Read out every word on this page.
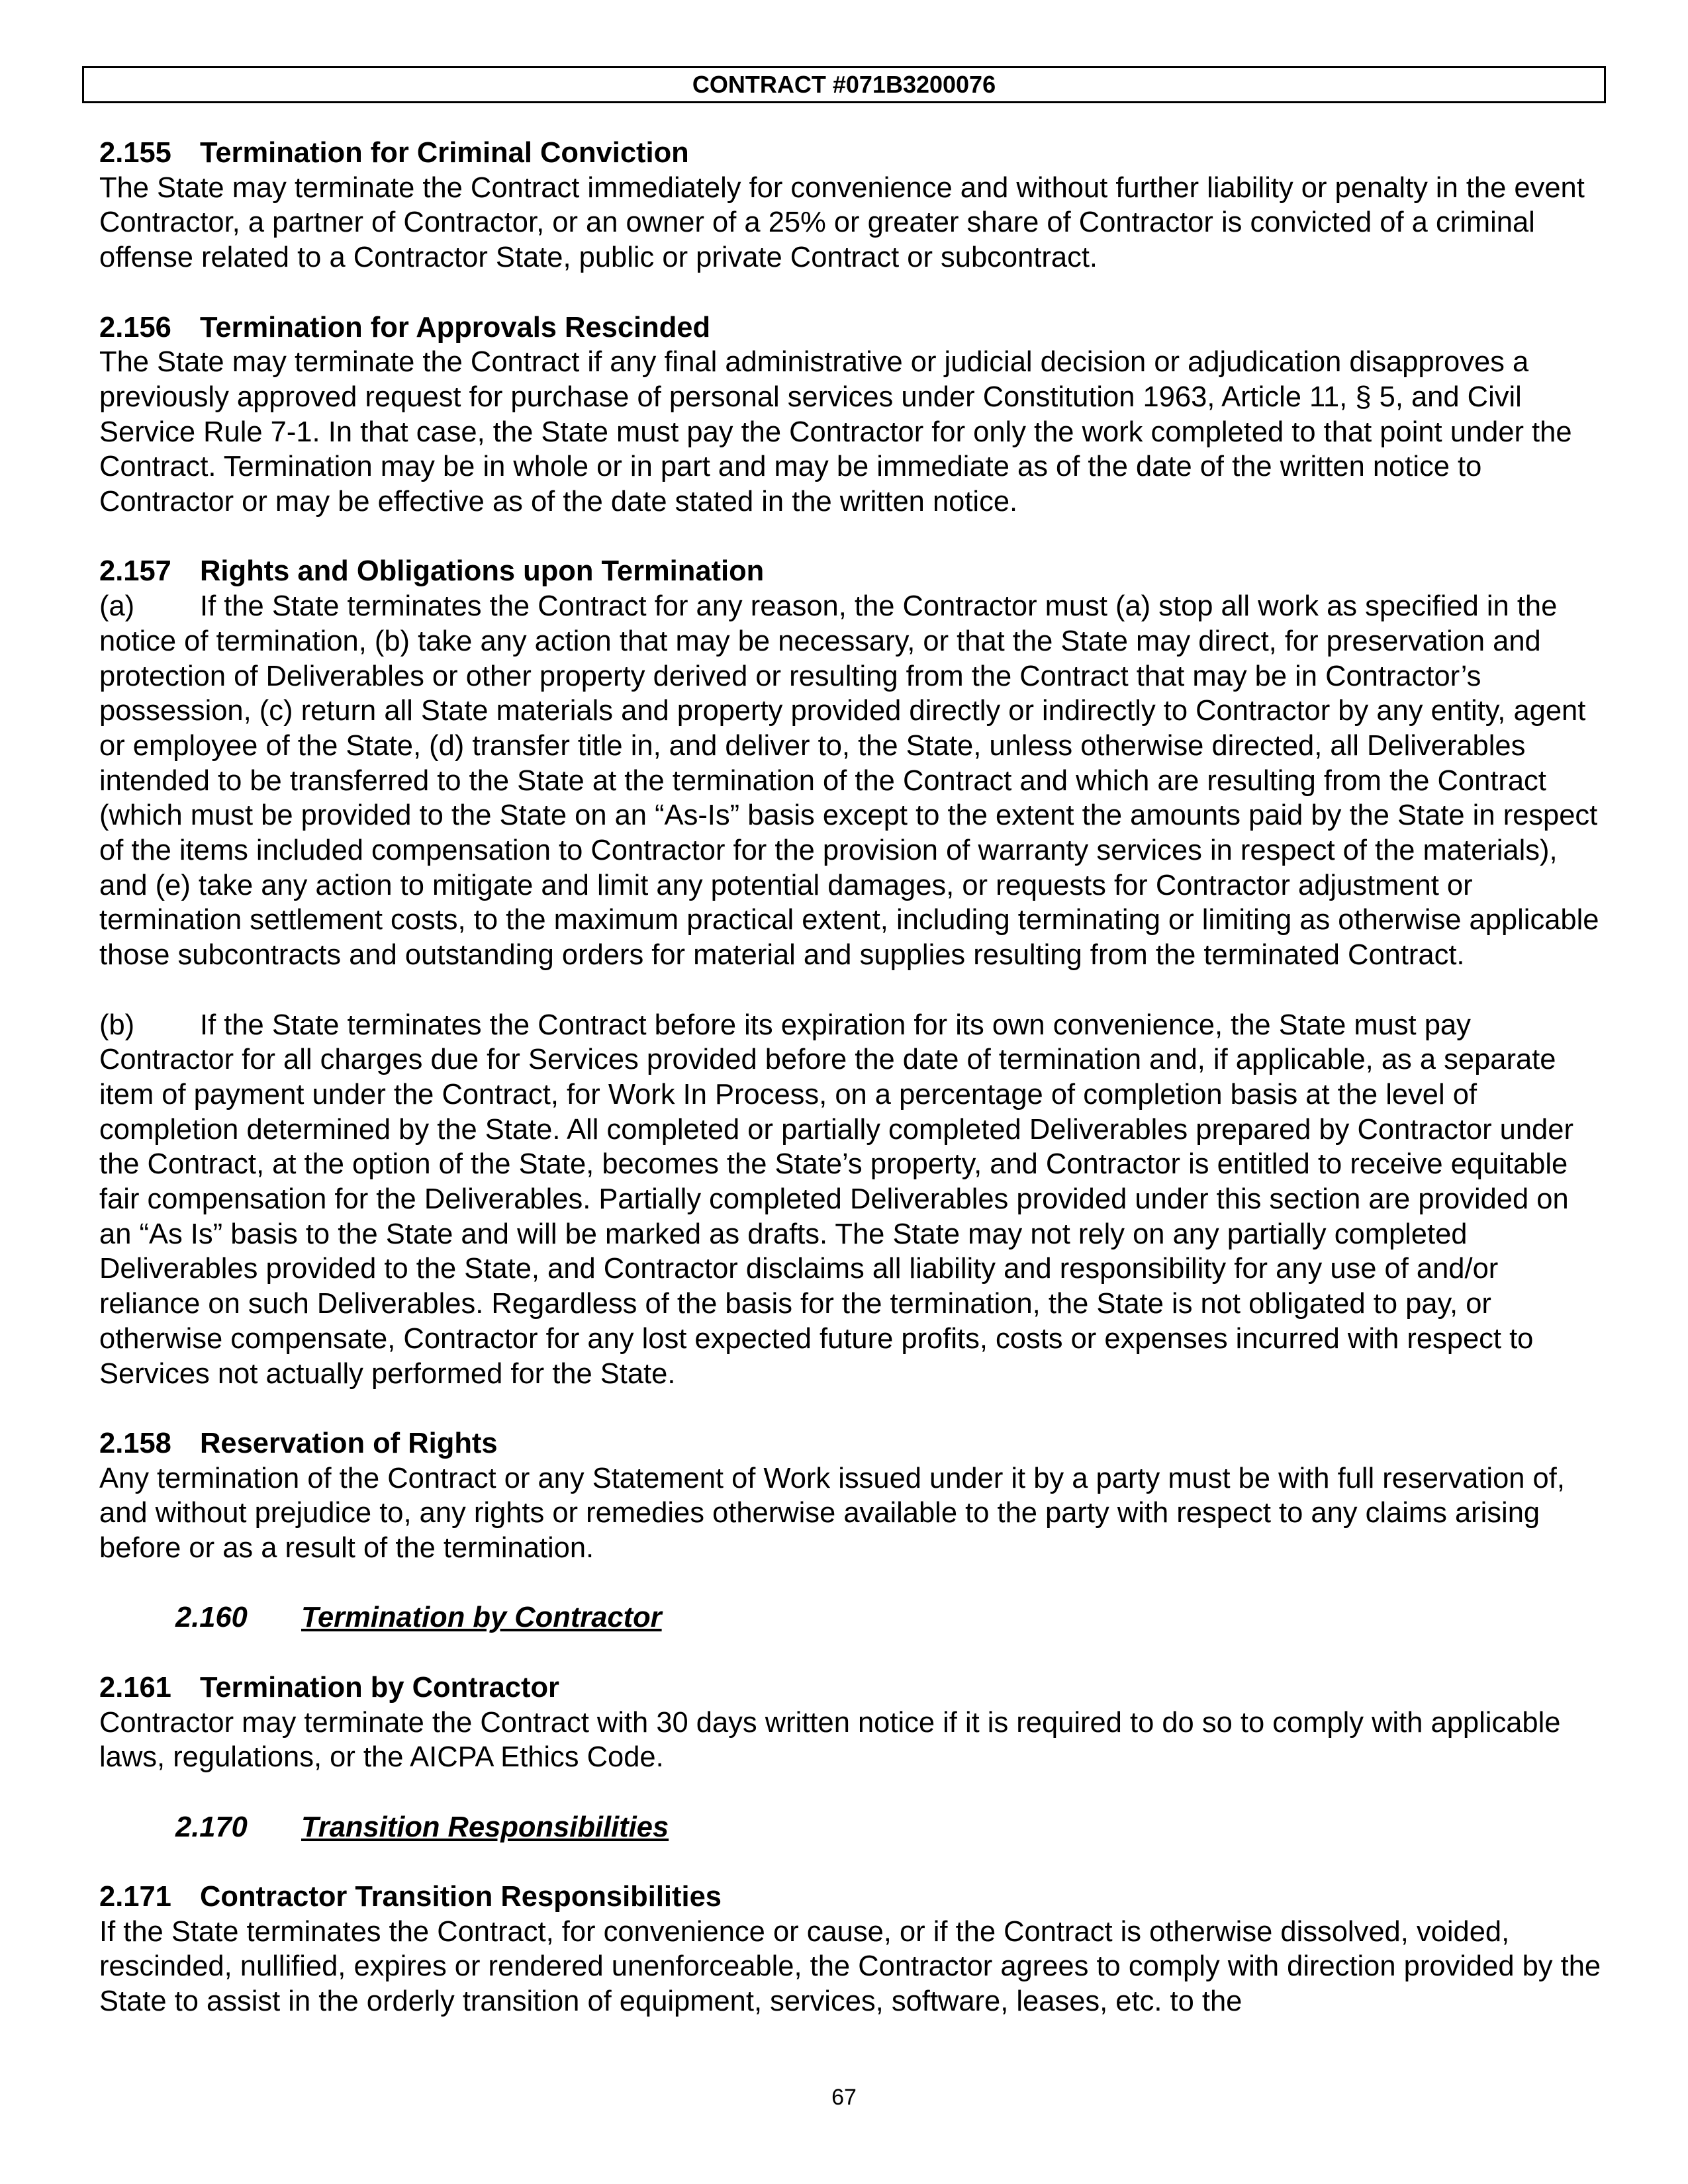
CONTRACT #071B3200076
2.155 Termination for Criminal Conviction

The State may terminate the Contract immediately for convenience and without further liability or penalty in the event Contractor, a partner of Contractor, or an owner of a 25% or greater share of Contractor is convicted of a criminal offense related to a Contractor State, public or private Contract or subcontract.

2.156 Termination for Approvals Rescinded

The State may terminate the Contract if any final administrative or judicial decision or adjudication disapproves a previously approved request for purchase of personal services under Constitution 1963, Article 11, § 5, and Civil Service Rule 7-1. In that case, the State must pay the Contractor for only the work completed to that point under the Contract. Termination may be in whole or in part and may be immediate as of the date of the written notice to Contractor or may be effective as of the date stated in the written notice.

2.157 Rights and Obligations upon Termination

(a) If the State terminates the Contract for any reason, the Contractor must (a) stop all work as specified in the notice of termination, (b) take any action that may be necessary, or that the State may direct, for preservation and protection of Deliverables or other property derived or resulting from the Contract that may be in Contractor’s possession, (c) return all State materials and property provided directly or indirectly to Contractor by any entity, agent or employee of the State, (d) transfer title in, and deliver to, the State, unless otherwise directed, all Deliverables intended to be transferred to the State at the termination of the Contract and which are resulting from the Contract (which must be provided to the State on an “As-Is” basis except to the extent the amounts paid by the State in respect of the items included compensation to Contractor for the provision of warranty services in respect of the materials), and (e) take any action to mitigate and limit any potential damages, or requests for Contractor adjustment or termination settlement costs, to the maximum practical extent, including terminating or limiting as otherwise applicable those subcontracts and outstanding orders for material and supplies resulting from the terminated Contract.

(b) If the State terminates the Contract before its expiration for its own convenience, the State must pay Contractor for all charges due for Services provided before the date of termination and, if applicable, as a separate item of payment under the Contract, for Work In Process, on a percentage of completion basis at the level of completion determined by the State. All completed or partially completed Deliverables prepared by Contractor under the Contract, at the option of the State, becomes the State’s property, and Contractor is entitled to receive equitable fair compensation for the Deliverables. Partially completed Deliverables provided under this section are provided on an “As Is” basis to the State and will be marked as drafts. The State may not rely on any partially completed Deliverables provided to the State, and Contractor disclaims all liability and responsibility for any use of and/or reliance on such Deliverables. Regardless of the basis for the termination, the State is not obligated to pay, or otherwise compensate, Contractor for any lost expected future profits, costs or expenses incurred with respect to Services not actually performed for the State.

2.158 Reservation of Rights

Any termination of the Contract or any Statement of Work issued under it by a party must be with full reservation of, and without prejudice to, any rights or remedies otherwise available to the party with respect to any claims arising before or as a result of the termination.

2.160 Termination by Contractor
2.161 Termination by Contractor

Contractor may terminate the Contract with 30 days written notice if it is required to do so to comply with applicable laws, regulations, or the AICPA Ethics Code.

2.170 Transition Responsibilities
2.171 Contractor Transition Responsibilities

If the State terminates the Contract, for convenience or cause, or if the Contract is otherwise dissolved, voided, rescinded, nullified, expires or rendered unenforceable, the Contractor agrees to comply with direction provided by the State to assist in the orderly transition of equipment, services, software, leases, etc. to the

67
